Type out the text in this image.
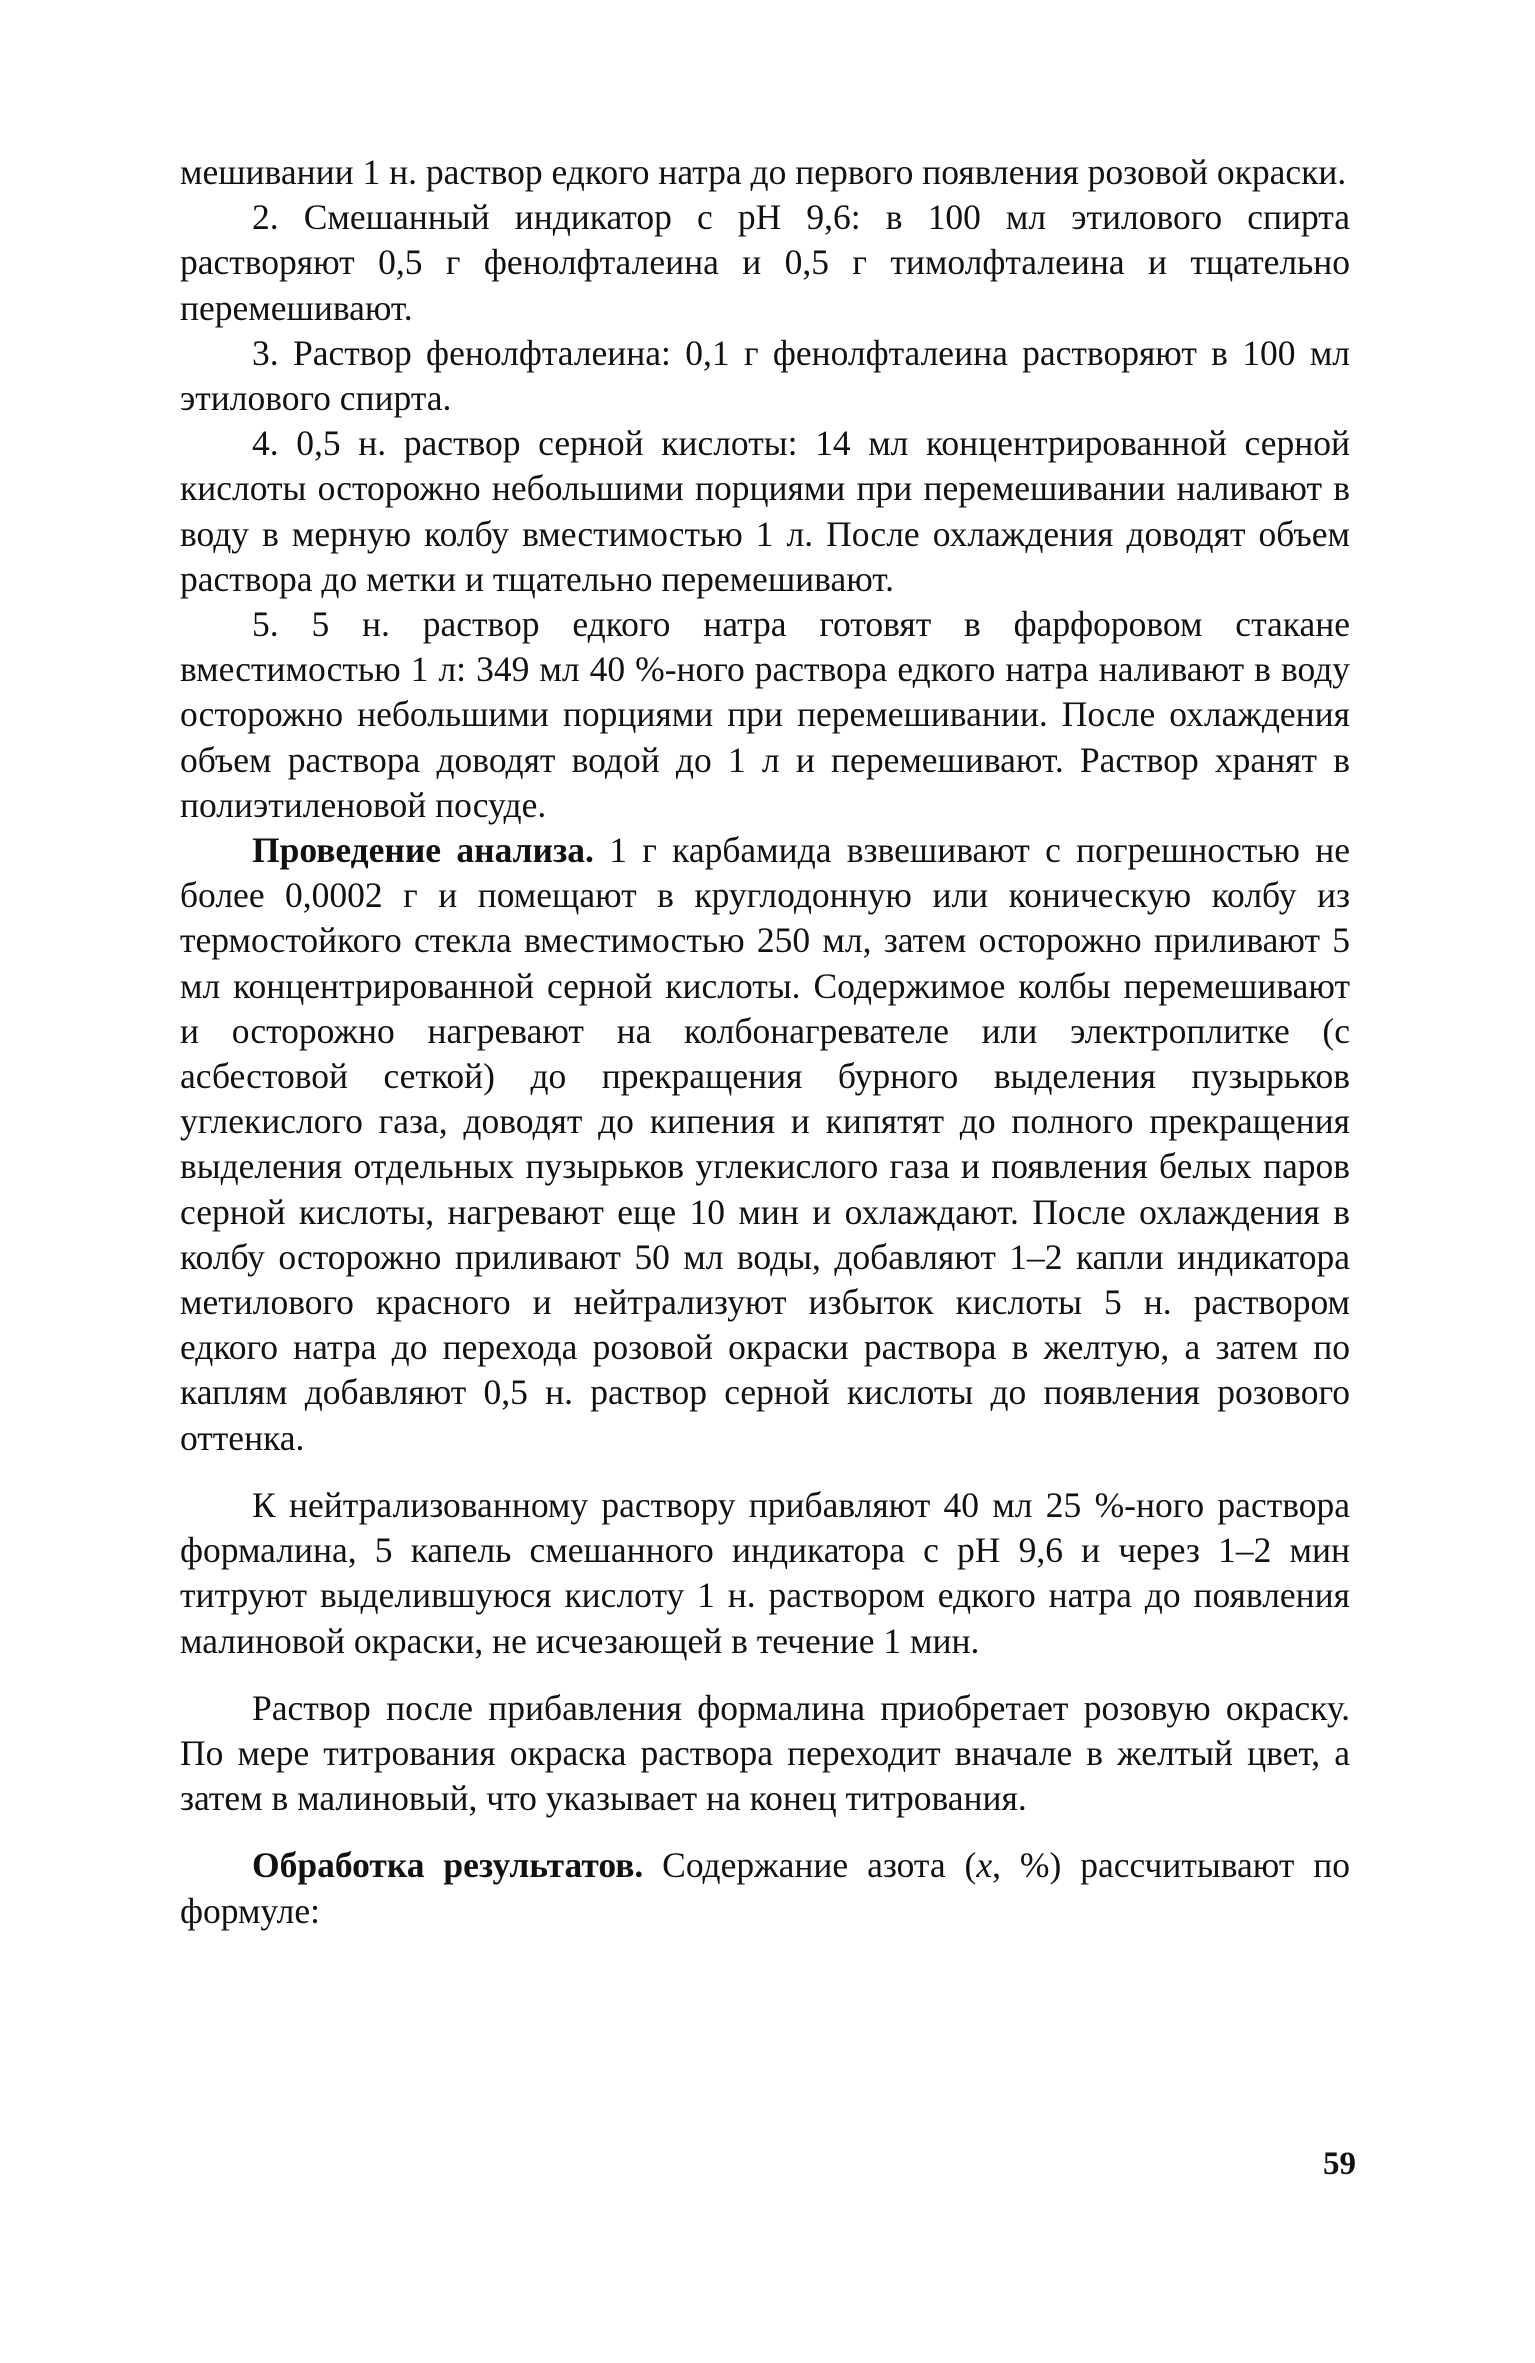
мешивании 1 н. раствор едкого натра до первого появления розовой окраски.

2. Смешанный индикатор с pH 9,6: в 100 мл этилового спирта растворяют 0,5 г фенолфталеина и 0,5 г тимолфталеина и тщательно перемешивают.

3. Раствор фенолфталеина: 0,1 г фенолфталеина растворяют в 100 мл этилового спирта.

4. 0,5 н. раствор серной кислоты: 14 мл концентрированной серной кислоты осторожно небольшими порциями при перемешивании наливают в воду в мерную колбу вместимостью 1 л. После охлаждения доводят объем раствора до метки и тщательно перемешивают.

5. 5 н. раствор едкого натра готовят в фарфоровом стакане вместимостью 1 л: 349 мл 40 %-ного раствора едкого натра наливают в воду осторожно небольшими порциями при перемешивании. После охлаждения объем раствора доводят водой до 1 л и перемешивают. Раствор хранят в полиэтиленовой посуде.

Проведение анализа. 1 г карбамида взвешивают с погрешностью не более 0,0002 г и помещают в круглодонную или коническую колбу из термостойкого стекла вместимостью 250 мл, затем осторожно приливают 5 мл концентрированной серной кислоты. Содержимое колбы перемешивают и осторожно нагревают на колбонагревателе или электроплитке (с асбестовой сеткой) до прекращения бурного выделения пузырьков углекислого газа, доводят до кипения и кипятят до полного прекращения выделения отдельных пузырьков углекислого газа и появления белых паров серной кислоты, нагревают еще 10 мин и охлаждают. После охлаждения в колбу осторожно приливают 50 мл воды, добавляют 1–2 капли индикатора метилового красного и нейтрализуют избыток кислоты 5 н. раствором едкого натра до перехода розовой окраски раствора в желтую, а затем по каплям добавляют 0,5 н. раствор серной кислоты до появления розового оттенка.

К нейтрализованному раствору прибавляют 40 мл 25 %-ного раствора формалина, 5 капель смешанного индикатора с pH 9,6 и через 1–2 мин титруют выделившуюся кислоту 1 н. раствором едкого натра до появления малиновой окраски, не исчезающей в течение 1 мин.

Раствор после прибавления формалина приобретает розовую окраску. По мере титрования окраска раствора переходит вначале в желтый цвет, а затем в малиновый, что указывает на конец титрования.

Обработка результатов. Содержание азота (x, %) рассчитывают по формуле:

59
